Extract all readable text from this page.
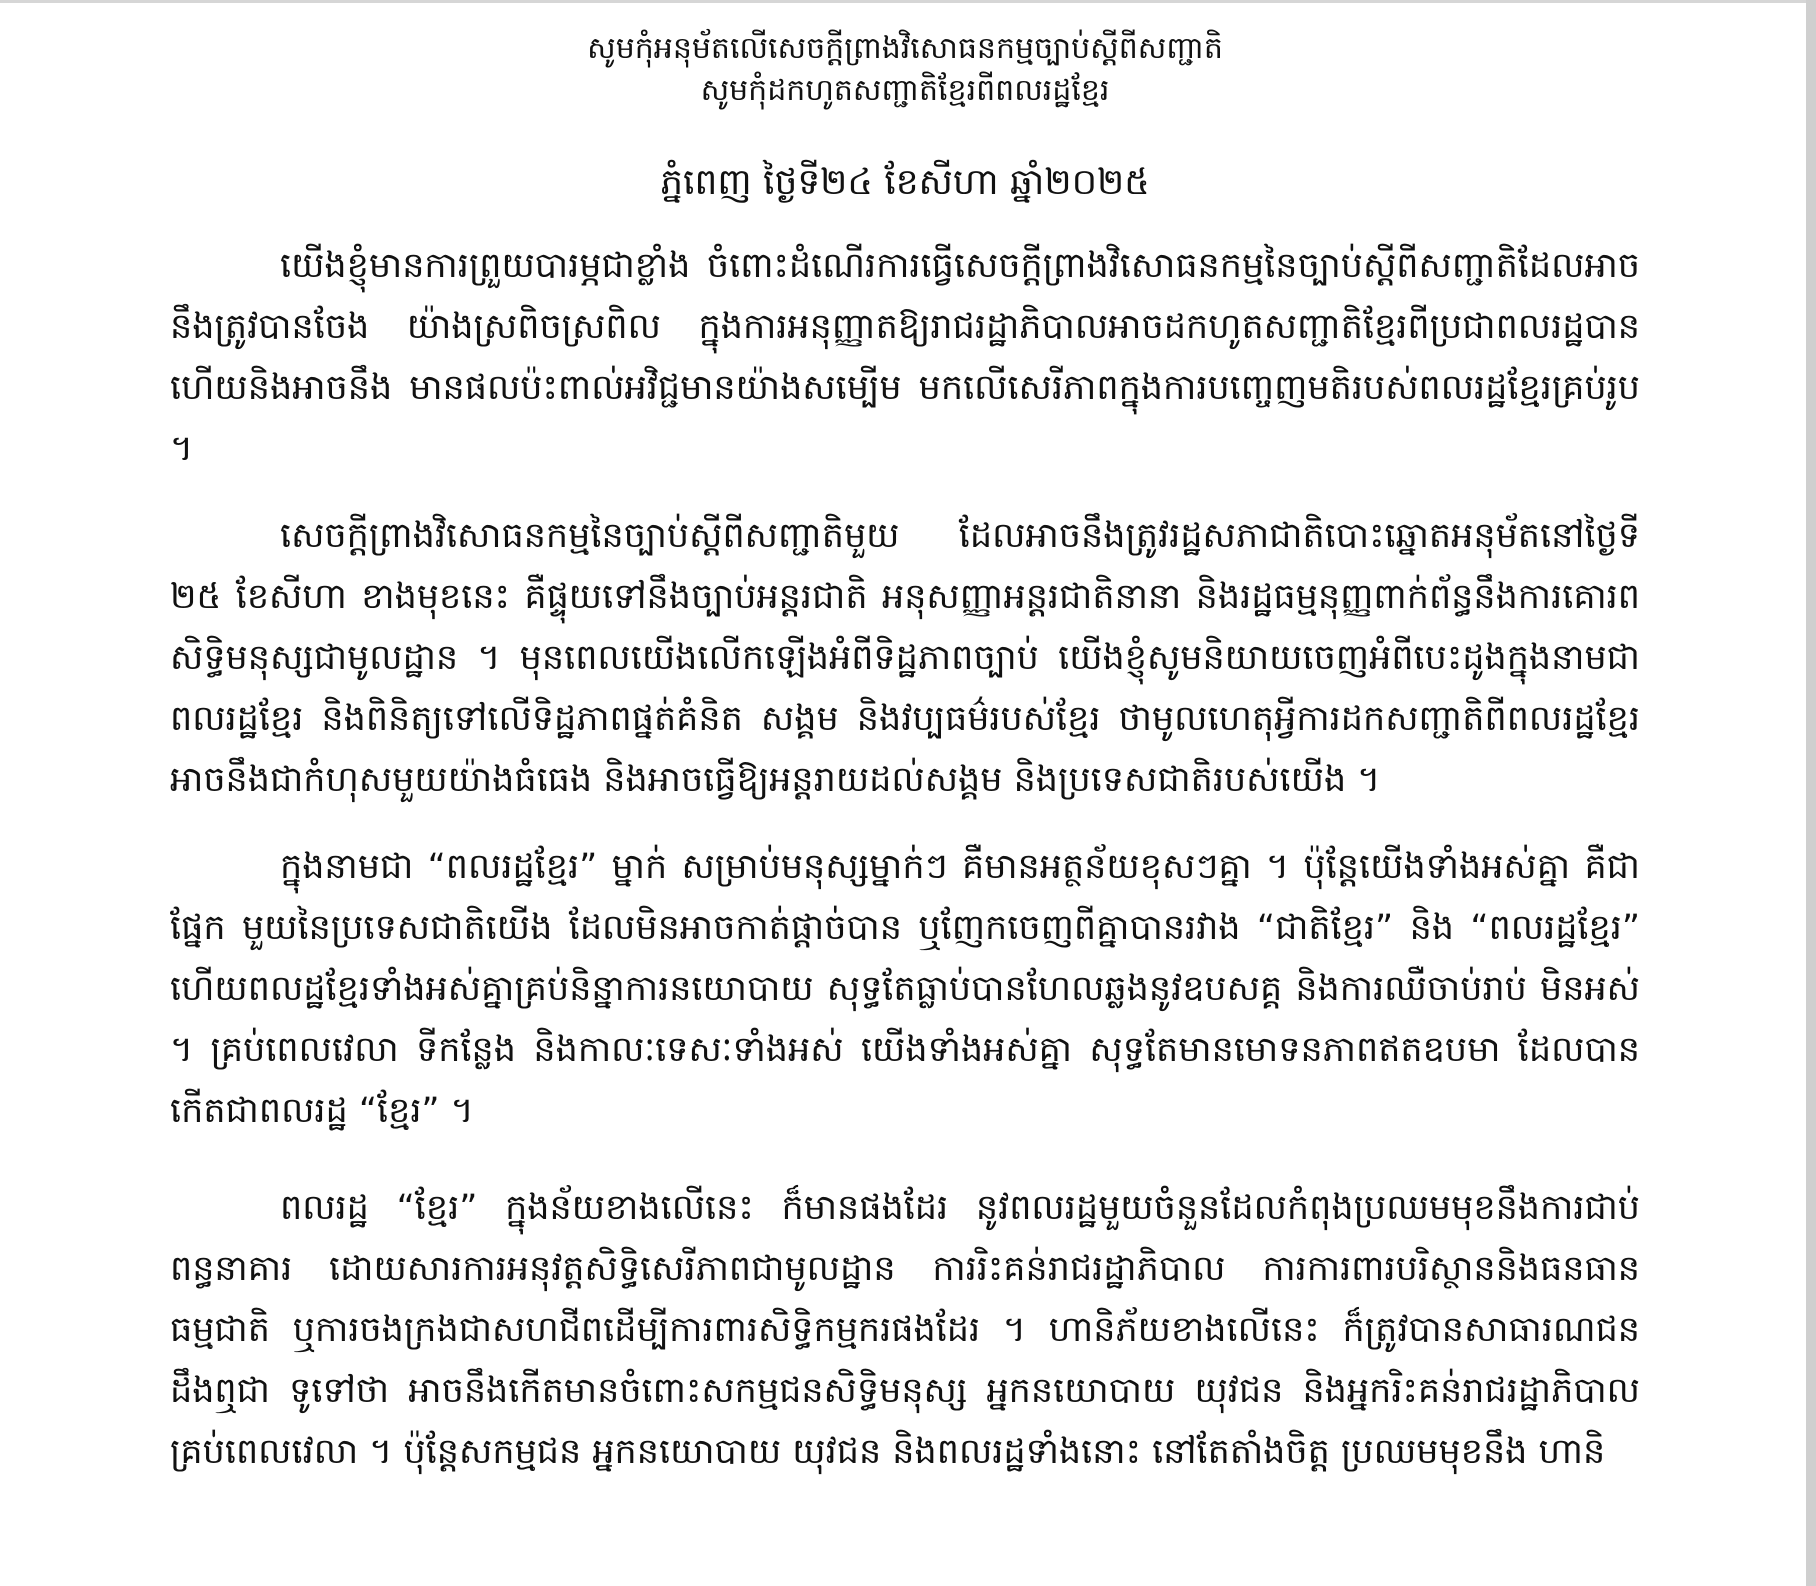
សូមកុំអនុម័តលើសេចក្តីព្រាងវិសោធនកម្មច្បាប់ស្តីពីសញ្ជាតិ

សូមកុំដកហូតសញ្ជាតិខ្មែរពីពលរដ្ឋខ្មែរ

ភ្នំពេញ ថ្ងៃទី២៤ ខែសីហា ឆ្នាំ២០២៥

យើងខ្ញុំមានការព្រួយបារម្ភជាខ្លាំង ចំពោះដំណើរការធ្វើសេចក្តីព្រាងវិសោធនកម្មនៃច្បាប់ស្តីពីសញ្ជាតិដែលអាចនឹងត្រូវបានចែង យ៉ាងស្រពិចស្រពិល ក្នុងការអនុញ្ញាតឱ្យរាជរដ្ឋាភិបាលអាចដកហូតសញ្ជាតិខ្មែរពីប្រជាពលរដ្ឋបាន ហើយនិងអាចនឹង មានផលប៉ះពាល់អវិជ្ជមានយ៉ាងសម្បើម មកលើសេរីភាពក្នុងការបញ្ចេញមតិរបស់ពលរដ្ឋខ្មែរគ្រប់រូប ។

សេចក្តីព្រាងវិសោធនកម្មនៃច្បាប់ស្តីពីសញ្ជាតិមួយ ដែលអាចនឹងត្រូវរដ្ឋសភាជាតិបោះឆ្នោតអនុម័តនៅថ្ងៃទី ២៥ ខែសីហា ខាងមុខនេះ គឺផ្ទុយទៅនឹងច្បាប់អន្តរជាតិ អនុសញ្ញាអន្តរជាតិនានា និងរដ្ឋធម្មនុញ្ញពាក់ព័ន្ធនឹងការគោរពសិទ្ធិមនុស្សជាមូលដ្ឋាន ។ មុនពេលយើងលើកឡើងអំពីទិដ្ឋភាពច្បាប់ យើងខ្ញុំសូមនិយាយចេញអំពីបេះដូងក្នុងនាមជាពលរដ្ឋខ្មែរ និងពិនិត្យទៅលើទិដ្ឋភាពផ្នត់គំនិត សង្គម និងវប្បធម៌របស់ខ្មែរ ថាមូលហេតុអ្វីការដកសញ្ជាតិពីពលរដ្ឋខ្មែរ អាចនឹងជាកំហុសមួយយ៉ាងធំធេង និងអាចធ្វើឱ្យអន្តរាយដល់សង្គម និងប្រទេសជាតិរបស់យើង ។

ក្នុងនាមជា “ពលរដ្ឋខ្មែរ” ម្នាក់ សម្រាប់មនុស្សម្នាក់ៗ គឺមានអត្ថន័យខុសៗគ្នា ។ ប៉ុន្តែយើងទាំងអស់គ្នា គឺជាផ្នែក មួយនៃប្រទេសជាតិយើង ដែលមិនអាចកាត់ផ្តាច់បាន ឬញែកចេញពីគ្នាបានរវាង “ជាតិខ្មែរ” និង “ពលរដ្ឋខ្មែរ” ហើយពលដ្ឋខ្មែរទាំងអស់គ្នាគ្រប់និន្នាការនយោបាយ សុទ្ធតែធ្លាប់បានហែលឆ្លងនូវឧបសគ្គ និងការឈឺចាប់រាប់ មិនអស់ ។ គ្រប់ពេលវេលា ទីកន្លែង និងកាលៈទេសៈទាំងអស់ យើងទាំងអស់គ្នា សុទ្ធតែមានមោទនភាពឥតឧបមា ដែលបានកើតជាពលរដ្ឋ “ខ្មែរ” ។

ពលរដ្ឋ “ខ្មែរ” ក្នុងន័យខាងលើនេះ ក៏មានផងដែរ នូវពលរដ្ឋមួយចំនួនដែលកំពុងប្រឈមមុខនឹងការជាប់ពន្ធនាគារ ដោយសារការអនុវត្តសិទ្ធិសេរីភាពជាមូលដ្ឋាន ការរិះគន់រាជរដ្ឋាភិបាល ការការពារបរិស្ថាននិងធនធានធម្មជាតិ ឬការចងក្រងជាសហជីពដើម្បីការពារសិទ្ធិកម្មករផងដែរ ។ ហានិភ័យខាងលើនេះ ក៏ត្រូវបានសាធារណជនដឹងឮជា ទូទៅថា អាចនឹងកើតមានចំពោះសកម្មជនសិទ្ធិមនុស្ស អ្នកនយោបាយ យុវជន និងអ្នករិះគន់រាជរដ្ឋាភិបាលគ្រប់ពេលវេលា ។ ប៉ុន្តែសកម្មជន អ្នកនយោបាយ យុវជន និងពលរដ្ឋទាំងនោះ នៅតែតាំងចិត្ត ប្រឈមមុខនឹង ហានិ
